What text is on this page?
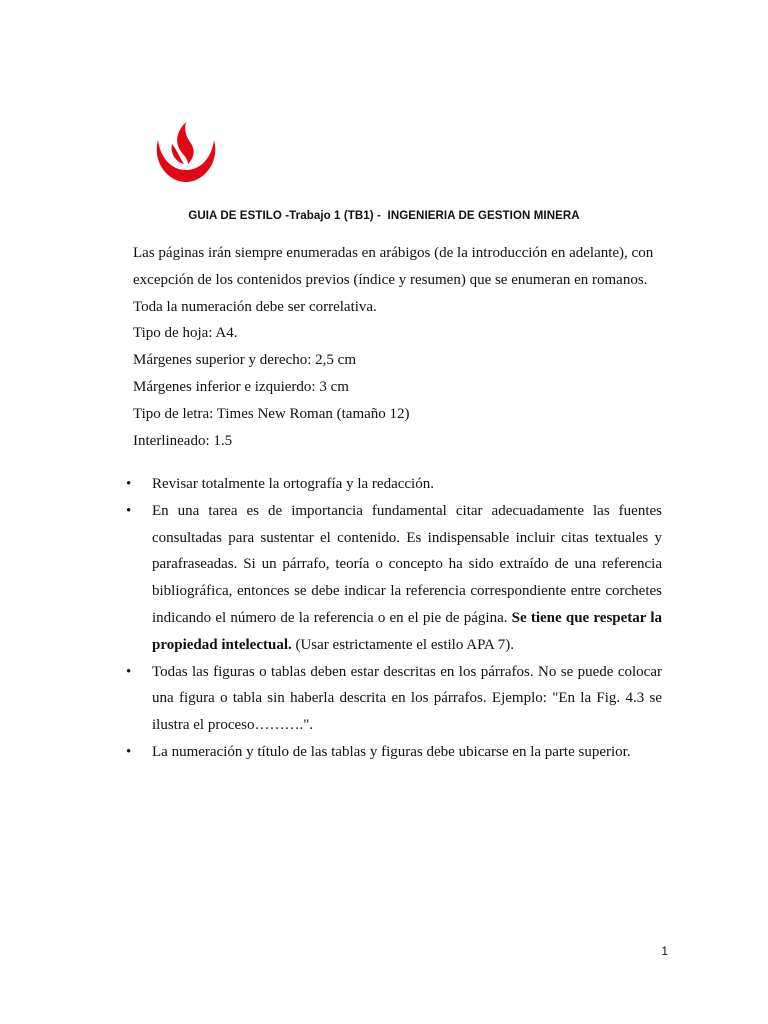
GUIA DE ESTILO -Trabajo 1 (TB1) -  INGENIERIA DE GESTION MINERA

Las páginas irán siempre enumeradas en arábigos (de la introducción en adelante), con excepción de los contenidos previos (índice y resumen) que se enumeran en romanos.

Toda la numeración debe ser correlativa.

Tipo de hoja: A4.

Márgenes superior y derecho: 2,5 cm

Márgenes inferior e izquierdo: 3 cm

Tipo de letra: Times New Roman (tamaño 12)

Interlineado: 1.5

•	Revisar totalmente la ortografía y la redacción.
•	En una tarea es de importancia fundamental citar adecuadamente las fuentes consultadas para sustentar el contenido. Es indispensable incluir citas textuales y parafraseadas. Si un párrafo, teoría o concepto ha sido extraído de una referencia bibliográfica, entonces se debe indicar la referencia correspondiente entre corchetes indicando el número de la referencia o en el pie de página. Se tiene que respetar la propiedad intelectual. (Usar estrictamente el estilo APA 7).
•	Todas las figuras o tablas deben estar descritas en los párrafos. No se puede colocar una figura o tabla sin haberla descrita en los párrafos. Ejemplo: "En la Fig. 4.3 se ilustra el proceso……….".
•	La numeración y título de las tablas y figuras debe ubicarse en la parte superior.
1
